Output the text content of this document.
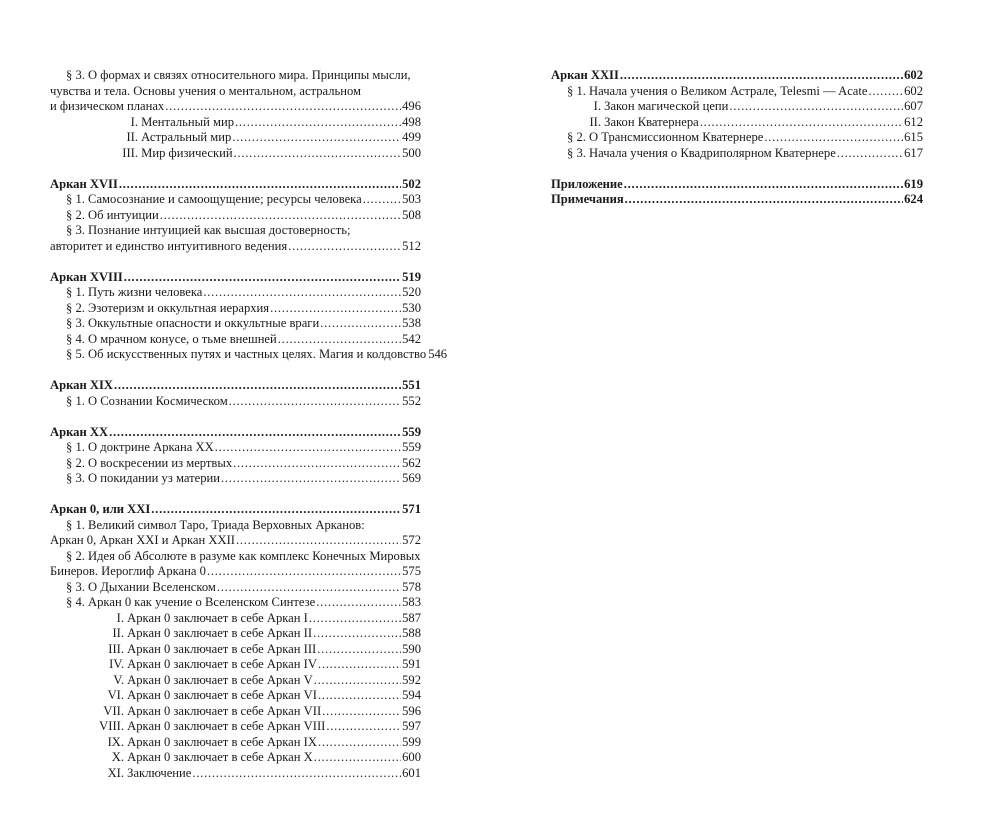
§ 3. О формах и связях относительного мира. Принципы мысли,
чувства и тела. Основы учения о ментальном, астральном
и физическом планах . . .	496
I. Ментальный мир . . .	498
II. Астральный мир . . .	499
III. Мир физический . . .	500
Аркан XVII . . .	502
§ 1. Самосознание и самоощущение; ресурсы человека . . .	503
§ 2. Об интуиции . . .	508
§ 3. Познание интуицией как высшая достоверность;
авторитет и единство интуитивного ведения . . .	512
Аркан XVIII . . .	519
§ 1. Путь жизни человека . . .	520
§ 2. Эзотеризм и оккультная иерархия . . .	530
§ 3. Оккультные опасности и оккультные враги . . .	538
§ 4. О мрачном конусе, о тьме внешней . . .	542
§ 5. Об искусственных путях и частных целях. Магия и колдовство 546
Аркан XIX . . .	551
§ 1. О Сознании Космическом . . .	552
Аркан XX . . .	559
§ 1. О доктрине Аркана XX . . .	559
§ 2. О воскресении из мертвых . . .	562
§ 3. О покидании уз материи . . .	569
Аркан 0, или XXI . . .	571
§ 1. Великий символ Таро, Триада Верховных Арканов:
Аркан 0, Аркан XXI и Аркан XXII . . .	572
§ 2. Идея об Абсолюте в разуме как комплекс Конечных Мировых
Бинеров. Иероглиф Аркана 0 . . .	575
§ 3. О Дыхании Вселенском . . .	578
§ 4. Аркан 0 как учение о Вселенском Синтезе . . .	583
I. Аркан 0 заключает в себе Аркан I . . .	587
II. Аркан 0 заключает в себе Аркан II . . .	588
III. Аркан 0 заключает в себе Аркан III . . .	590
IV. Аркан 0 заключает в себе Аркан IV . . .	591
V. Аркан 0 заключает в себе Аркан V . . .	592
VI. Аркан 0 заключает в себе Аркан VI . . .	594
VII. Аркан 0 заключает в себе Аркан VII . . .	596
VIII. Аркан 0 заключает в себе Аркан VIII . . .	597
IX. Аркан 0 заключает в себе Аркан IX . . .	599
X. Аркан 0 заключает в себе Аркан X . . .	600
XI. Заключение . . .	601
Аркан XXII . . .	602
§ 1. Начала учения о Великом Астрале, Telesmi — Acate . . .	602
I. Закон магической цепи . . .	607
II. Закон Кватернера . . .	612
§ 2. О Трансмиссионном Кватернере . . .	615
§ 3. Начала учения о Квадриполярном Кватернере . . .	617
Приложение . . .	619
Примечания . . .	624
